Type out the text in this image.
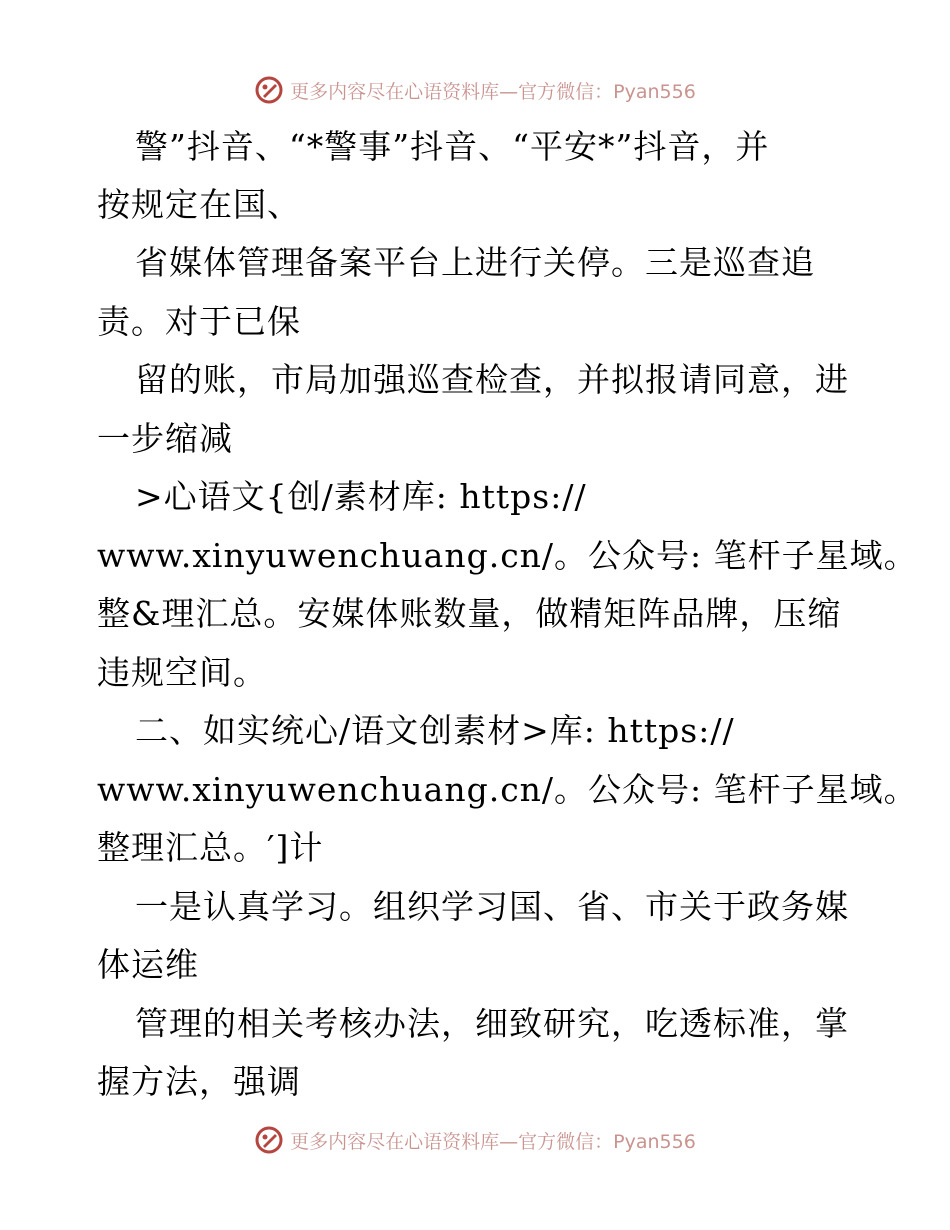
更多内容尽在心语资料库—官方微信：Pyan556
警”抖音、“*警事”抖音、“平安*”抖音，并
按规定在国、
省媒体管理备案平台上进行关停。三是巡查追
责。对于已保
留的账，市局加强巡查检查，并拟报请同意，进
一步缩减
>心语文{创/素材库: https://
www.xinyuwenchuang.cn/。公众号: 笔杆子星域。
整&理汇总。安媒体账数量，做精矩阵品牌，压缩
违规空间。
二、如实统心/语文创素材>库: https://
www.xinyuwenchuang.cn/。公众号: 笔杆子星域。
整理汇总。′]计
一是认真学习。组织学习国、省、市关于政务媒
体运维
管理的相关考核办法，细致研究，吃透标准，掌
握方法，强调
更多内容尽在心语资料库—官方微信：Pyan556
